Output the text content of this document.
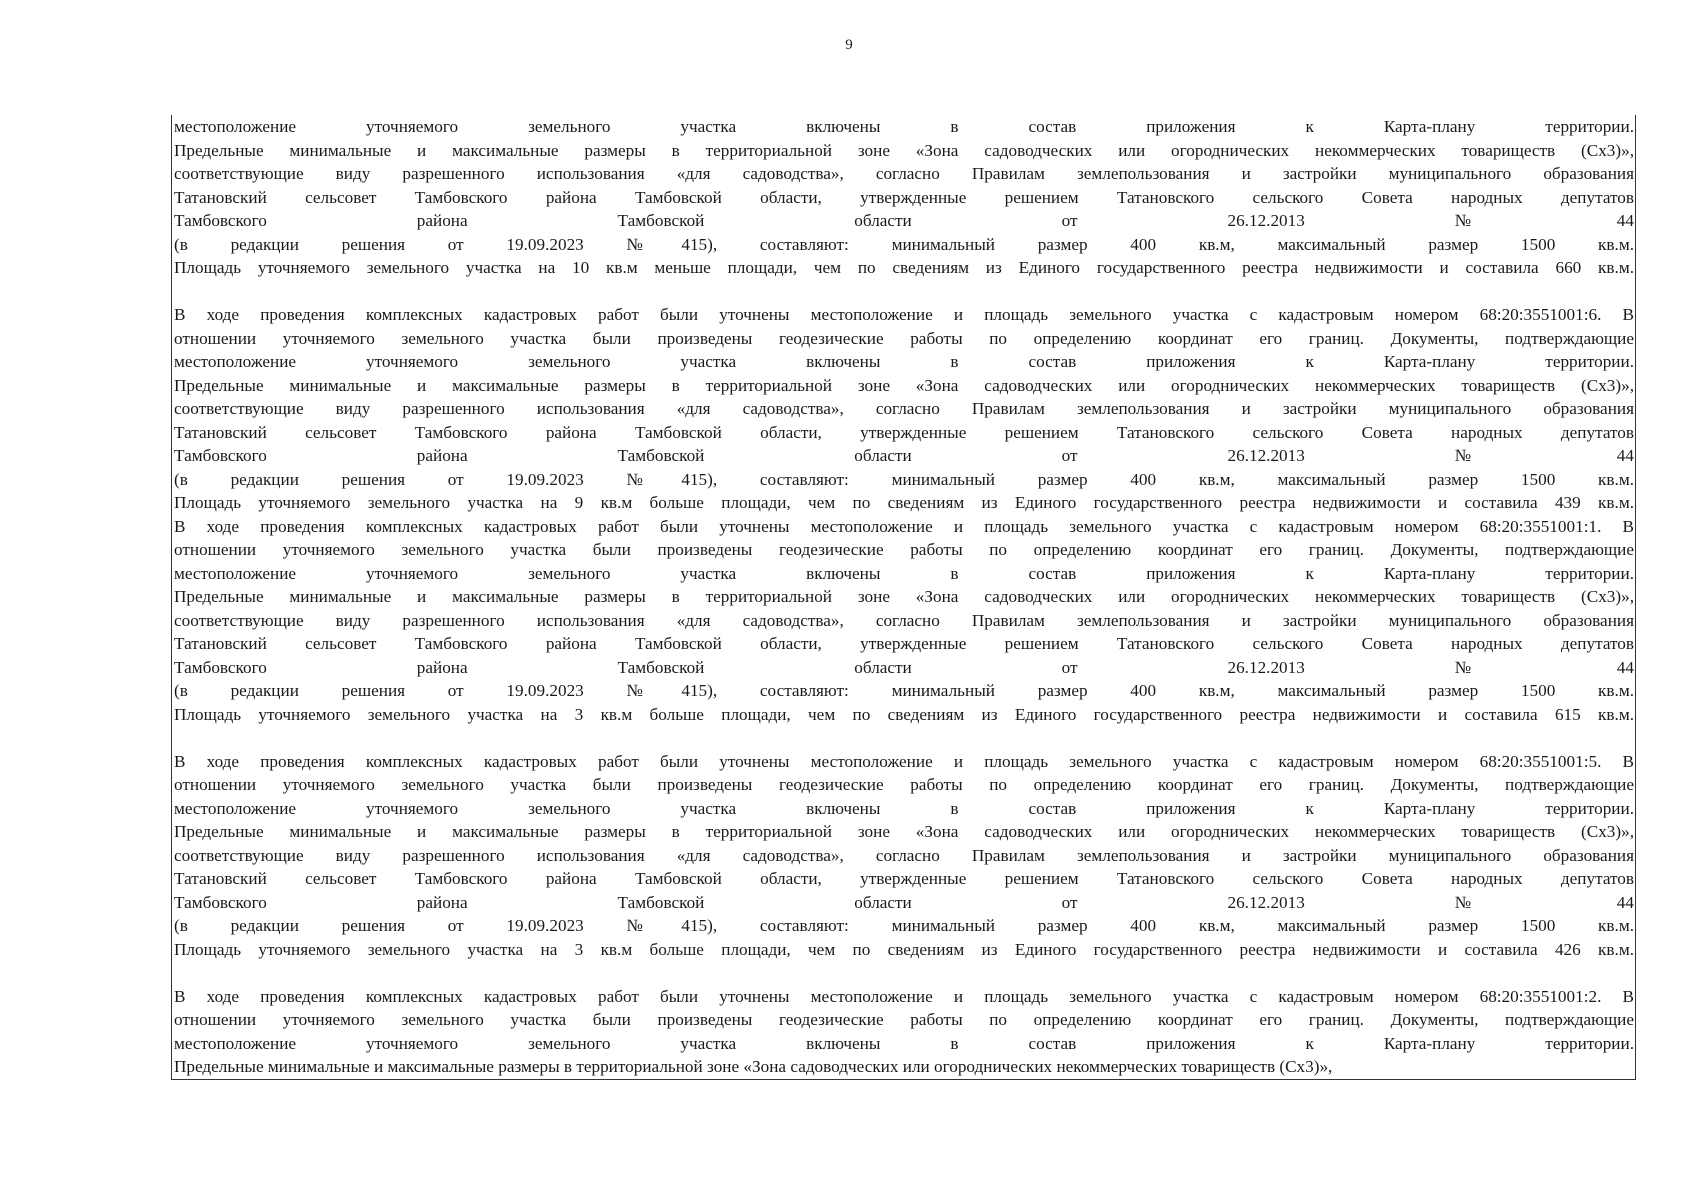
9
местоположение уточняемого земельного участка включены в состав приложения к Карта-плану территории.
Предельные минимальные и максимальные размеры в территориальной зоне «Зона садоводческих или огороднических некоммерческих товариществ (Сх3)»,
соответствующие виду разрешенного использования «для садоводства», согласно Правилам землепользования и застройки муниципального образования
Татановский сельсовет Тамбовского района Тамбовской области, утвержденные решением Татановского сельского Совета народных депутатов
Тамбовского района Тамбовской области от 26.12.2013 №44
(в редакции решения от 19.09.2023 №415), составляют: минимальный размер 400 кв.м, максимальный размер 1500 кв.м.
Площадь уточняемого земельного участка на 10 кв.м меньше площади, чем по сведениям из Единого государственного реестра недвижимости и составила 660 кв.м.
В ходе проведения комплексных кадастровых работ были уточнены местоположение и площадь земельного участка с кадастровым номером 68:20:3551001:6. В
отношении уточняемого земельного участка были произведены геодезические работы по определению координат его границ. Документы, подтверждающие
местоположение уточняемого земельного участка включены в состав приложения к Карта-плану территории.
Предельные минимальные и максимальные размеры в территориальной зоне «Зона садоводческих или огороднических некоммерческих товариществ (Сх3)»,
соответствующие виду разрешенного использования «для садоводства», согласно Правилам землепользования и застройки муниципального образования
Татановский сельсовет Тамбовского района Тамбовской области, утвержденные решением Татановского сельского Совета народных депутатов
Тамбовского района Тамбовской области от 26.12.2013 №44
(в редакции решения от 19.09.2023 №415), составляют: минимальный размер 400 кв.м, максимальный размер 1500 кв.м.
Площадь уточняемого земельного участка на 9 кв.м больше площади, чем по сведениям из Единого государственного реестра недвижимости и составила 439 кв.м.
В ходе проведения комплексных кадастровых работ были уточнены местоположение и площадь земельного участка с кадастровым номером 68:20:3551001:1. В
отношении уточняемого земельного участка были произведены геодезические работы по определению координат его границ. Документы, подтверждающие
местоположение уточняемого земельного участка включены в состав приложения к Карта-плану территории.
Предельные минимальные и максимальные размеры в территориальной зоне «Зона садоводческих или огороднических некоммерческих товариществ (Сх3)»,
соответствующие виду разрешенного использования «для садоводства», согласно Правилам землепользования и застройки муниципального образования
Татановский сельсовет Тамбовского района Тамбовской области, утвержденные решением Татановского сельского Совета народных депутатов
Тамбовского района Тамбовской области от 26.12.2013 №44
(в редакции решения от 19.09.2023 №415), составляют: минимальный размер 400 кв.м, максимальный размер 1500 кв.м.
Площадь уточняемого земельного участка на 3 кв.м больше площади, чем по сведениям из Единого государственного реестра недвижимости и составила 615 кв.м.
В ходе проведения комплексных кадастровых работ были уточнены местоположение и площадь земельного участка с кадастровым номером 68:20:3551001:5. В
отношении уточняемого земельного участка были произведены геодезические работы по определению координат его границ. Документы, подтверждающие
местоположение уточняемого земельного участка включены в состав приложения к Карта-плану территории.
Предельные минимальные и максимальные размеры в территориальной зоне «Зона садоводческих или огороднических некоммерческих товариществ (Сх3)»,
соответствующие виду разрешенного использования «для садоводства», согласно Правилам землепользования и застройки муниципального образования
Татановский сельсовет Тамбовского района Тамбовской области, утвержденные решением Татановского сельского Совета народных депутатов
Тамбовского района Тамбовской области от 26.12.2013 №44
(в редакции решения от 19.09.2023 №415), составляют: минимальный размер 400 кв.м, максимальный размер 1500 кв.м.
Площадь уточняемого земельного участка на 3 кв.м больше площади, чем по сведениям из Единого государственного реестра недвижимости и составила 426 кв.м.
В ходе проведения комплексных кадастровых работ были уточнены местоположение и площадь земельного участка с кадастровым номером 68:20:3551001:2. В
отношении уточняемого земельного участка были произведены геодезические работы по определению координат его границ. Документы, подтверждающие
местоположение уточняемого земельного участка включены в состав приложения к Карта-плану территории.
Предельные минимальные и максимальные размеры в территориальной зоне «Зона садоводческих или огороднических некоммерческих товариществ (Сх3)»,
